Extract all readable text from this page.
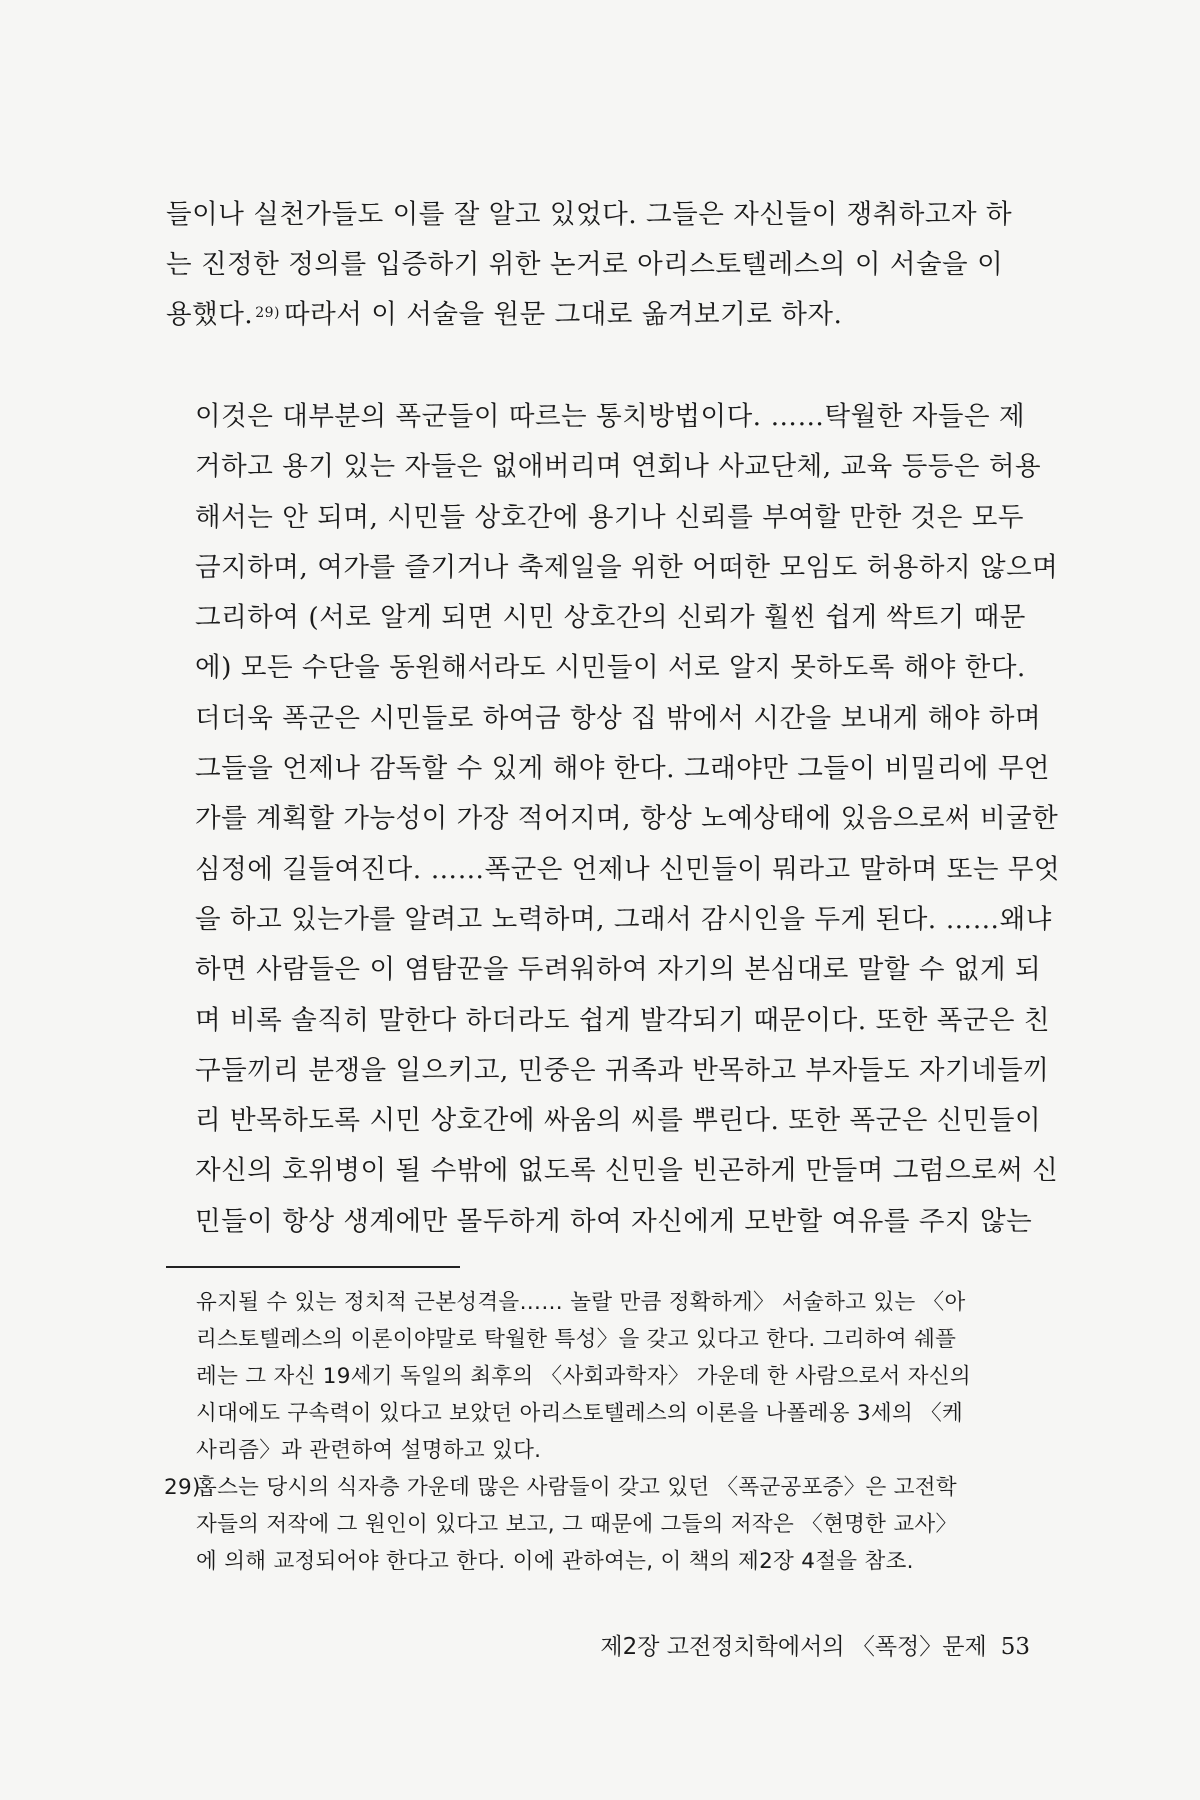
들이나 실천가들도 이를 잘 알고 있었다. 그들은 자신들이 쟁취하고자 하
는 진정한 정의를 입증하기 위한 논거로 아리스토텔레스의 이 서술을 이
용했다. $^{29)}$ 따라서 이 서술을 원문 그대로 옮겨보기로 하자.
이것은 대부분의 폭군들이 따르는 통치방법이다. ……탁월한 자들은 제
거하고 용기 있는 자들은 없애버리며 연회나 사교단체, 교육 등등은 허용
해서는 안 되며, 시민들 상호간에 용기나 신뢰를 부여할 만한 것은 모두
금지하며, 여가를 즐기거나 축제일을 위한 어떠한 모임도 허용하지 않으며
그리하여 (서로 알게 되면 시민 상호간의 신뢰가 훨씬 쉽게 싹트기 때문
에) 모든 수단을 동원해서라도 시민들이 서로 알지 못하도록 해야 한다.
더더욱 폭군은 시민들로 하여금 항상 집 밖에서 시간을 보내게 해야 하며
그들을 언제나 감독할 수 있게 해야 한다. 그래야만 그들이 비밀리에 무언
가를 계획할 가능성이 가장 적어지며, 항상 노예상태에 있음으로써 비굴한
심정에 길들여진다. ……폭군은 언제나 신민들이 뭐라고 말하며 또는 무엇
을 하고 있는가를 알려고 노력하며, 그래서 감시인을 두게 된다. ……왜냐
하면 사람들은 이 염탐꾼을 두려워하여 자기의 본심대로 말할 수 없게 되
며 비록 솔직히 말한다 하더라도 쉽게 발각되기 때문이다. 또한 폭군은 친
구들끼리 분쟁을 일으키고, 민중은 귀족과 반목하고 부자들도 자기네들끼
리 반목하도록 시민 상호간에 싸움의 씨를 뿌린다. 또한 폭군은 신민들이
자신의 호위병이 될 수밖에 없도록 신민을 빈곤하게 만들며 그럼으로써 신
민들이 항상 생계에만 몰두하게 하여 자신에게 모반할 여유를 주지 않는
유지될 수 있는 정치적 근본성격을…… 놀랄 만큼 정확하게〉 서술하고 있는 〈아
리스토텔레스의 이론이야말로 탁월한 특성〉을 갖고 있다고 한다. 그리하여 쉐플
레는 그 자신 19세기 독일의 최후의 〈사회과학자〉 가운데 한 사람으로서 자신의
시대에도 구속력이 있다고 보았던 아리스토텔레스의 이론을 나폴레옹 3세의 〈케
사리즘〉과 관련하여 설명하고 있다.
29)
홉스는 당시의 식자층 가운데 많은 사람들이 갖고 있던 〈폭군공포증〉은 고전학
자들의 저작에 그 원인이 있다고 보고, 그 때문에 그들의 저작은 〈현명한 교사〉
에 의해 교정되어야 한다고 한다. 이에 관하여는, 이 책의 제2장 4절을 참조.
제2장 고전정치학에서의 〈폭정〉문제 53
